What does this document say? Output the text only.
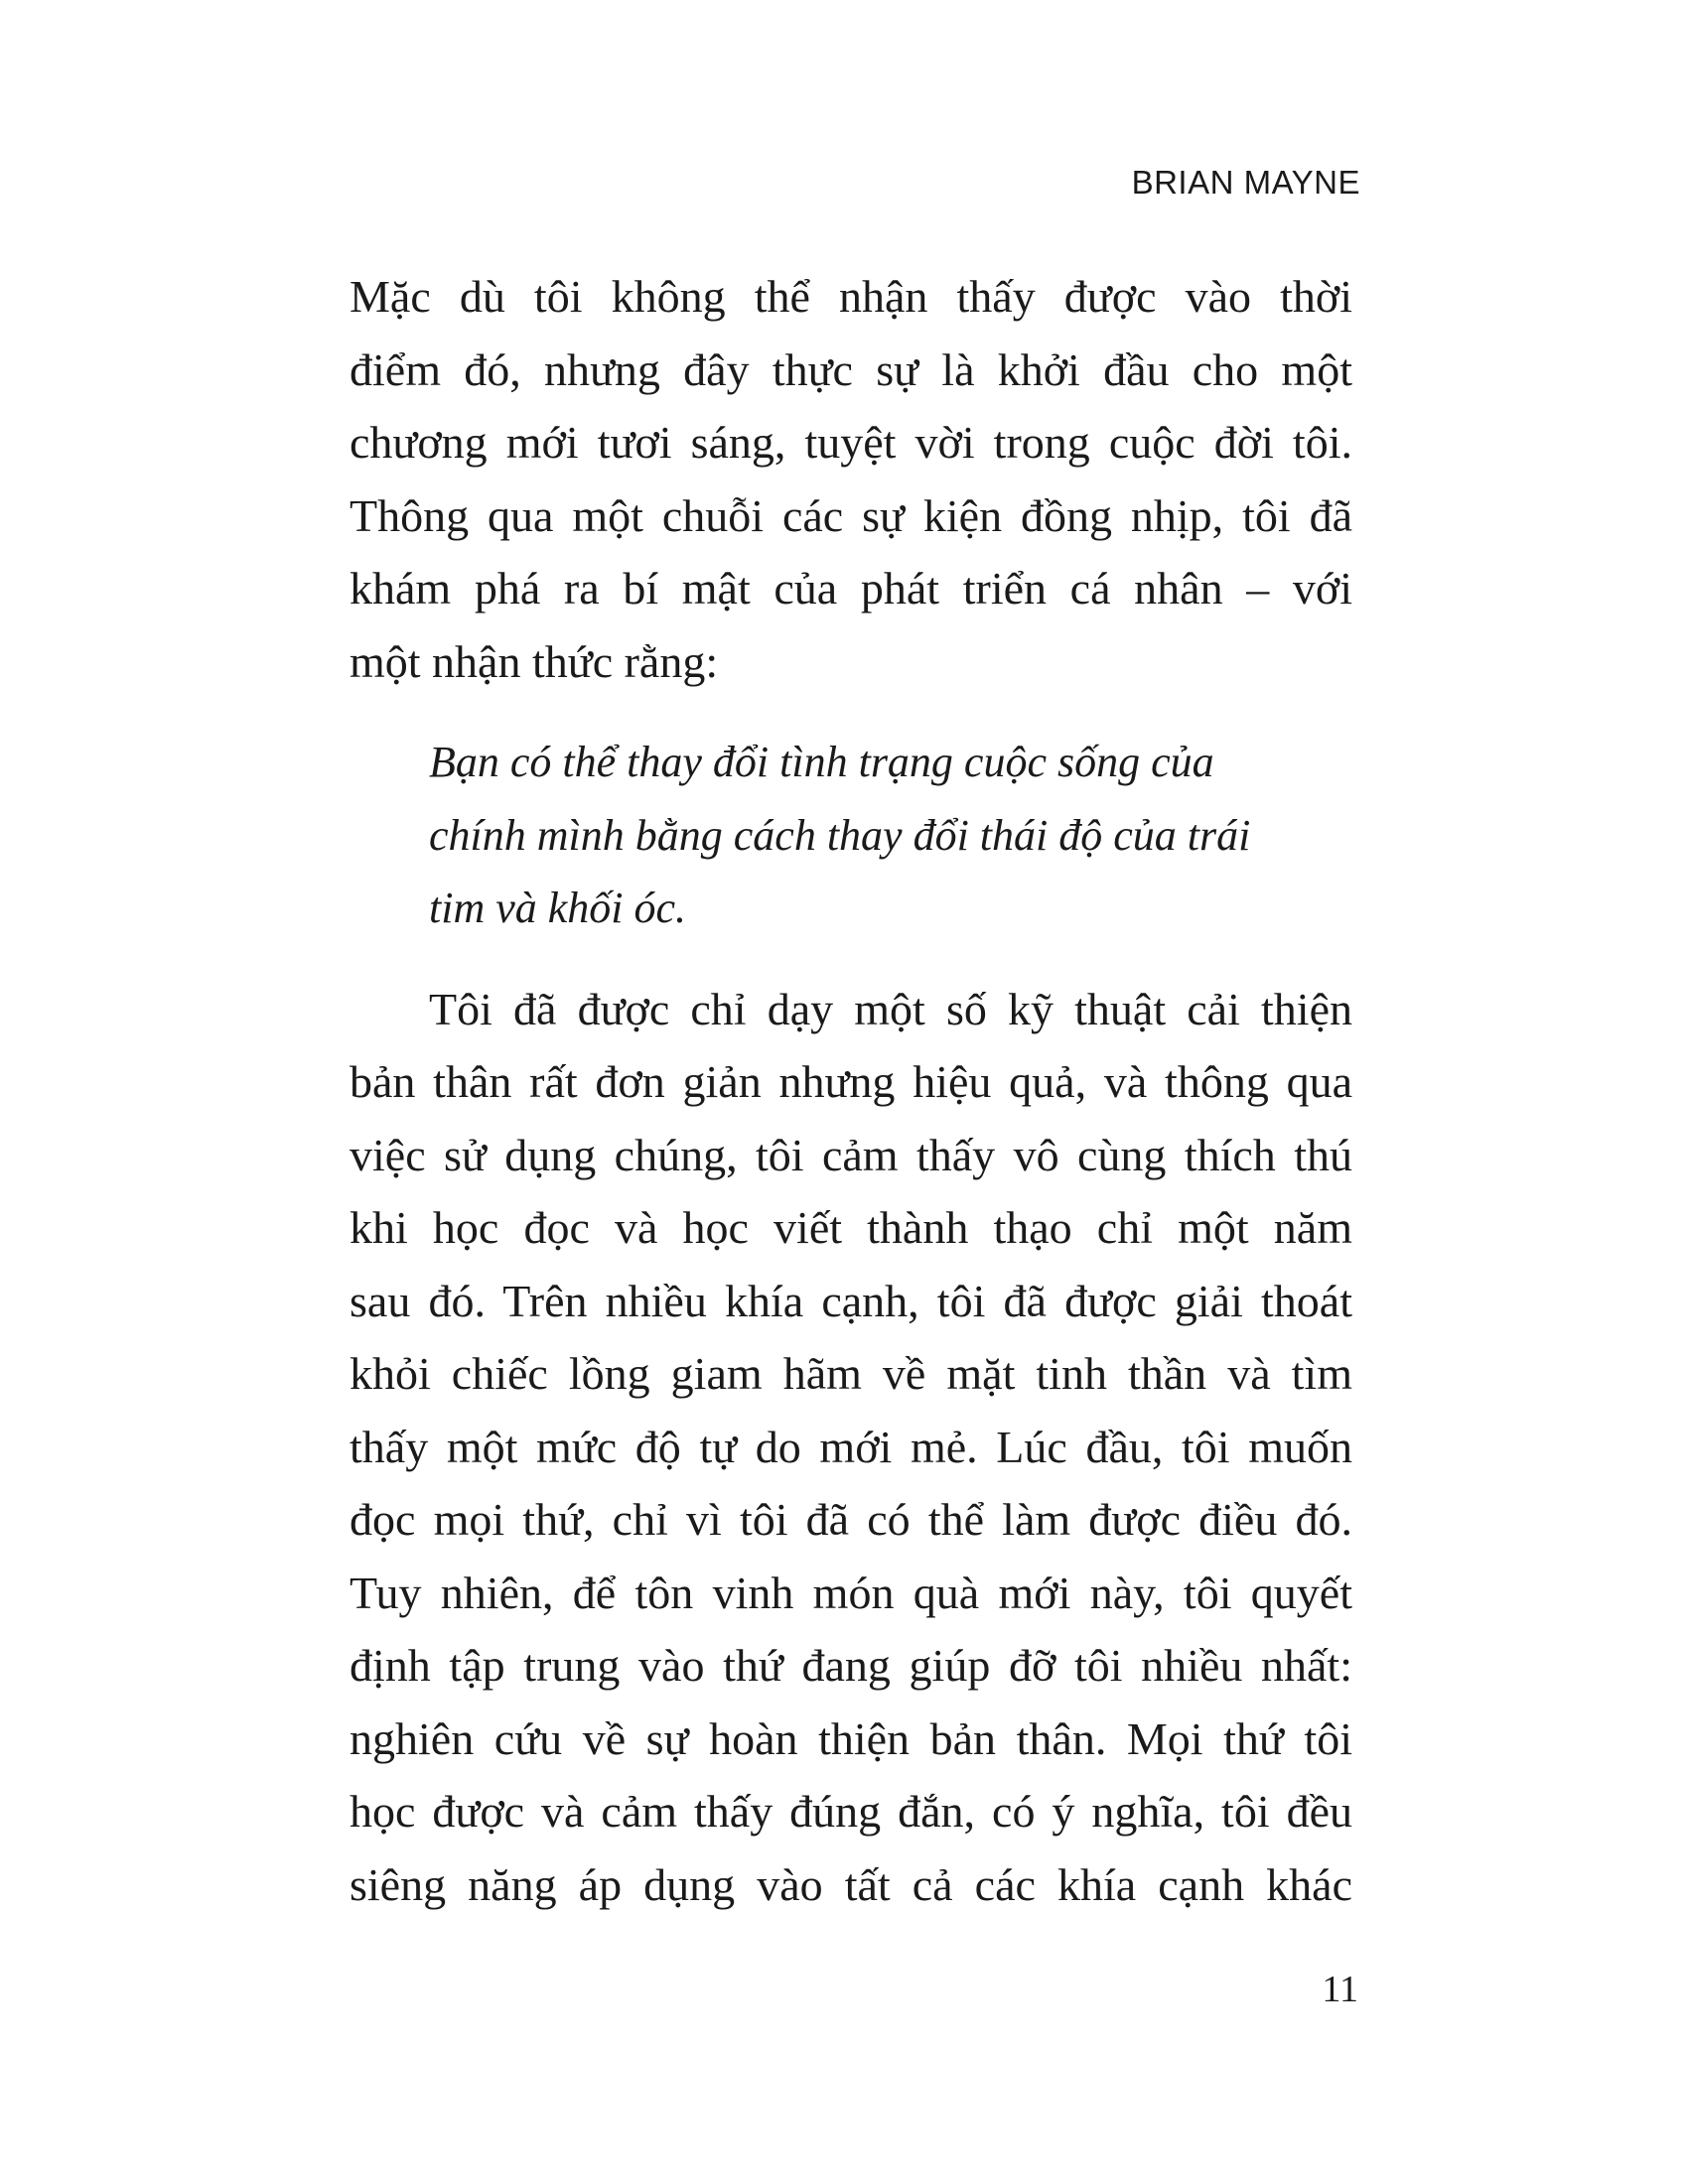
BRIAN MAYNE
Mặc dù tôi không thể nhận thấy được vào thời
điểm đó, nhưng đây thực sự là khởi đầu cho một
chương mới tươi sáng, tuyệt vời trong cuộc đời tôi.
Thông qua một chuỗi các sự kiện đồng nhịp, tôi đã
khám phá ra bí mật của phát triển cá nhân – với
một nhận thức rằng:
Bạn có thể thay đổi tình trạng cuộc sống của
chính mình bằng cách thay đổi thái độ của trái
tim và khối óc.
Tôi đã được chỉ dạy một số kỹ thuật cải thiện
bản thân rất đơn giản nhưng hiệu quả, và thông qua
việc sử dụng chúng, tôi cảm thấy vô cùng thích thú
khi học đọc và học viết thành thạo chỉ một năm
sau đó. Trên nhiều khía cạnh, tôi đã được giải thoát
khỏi chiếc lồng giam hãm về mặt tinh thần và tìm
thấy một mức độ tự do mới mẻ. Lúc đầu, tôi muốn
đọc mọi thứ, chỉ vì tôi đã có thể làm được điều đó.
Tuy nhiên, để tôn vinh món quà mới này, tôi quyết
định tập trung vào thứ đang giúp đỡ tôi nhiều nhất:
nghiên cứu về sự hoàn thiện bản thân. Mọi thứ tôi
học được và cảm thấy đúng đắn, có ý nghĩa, tôi đều
siêng năng áp dụng vào tất cả các khía cạnh khác
11
